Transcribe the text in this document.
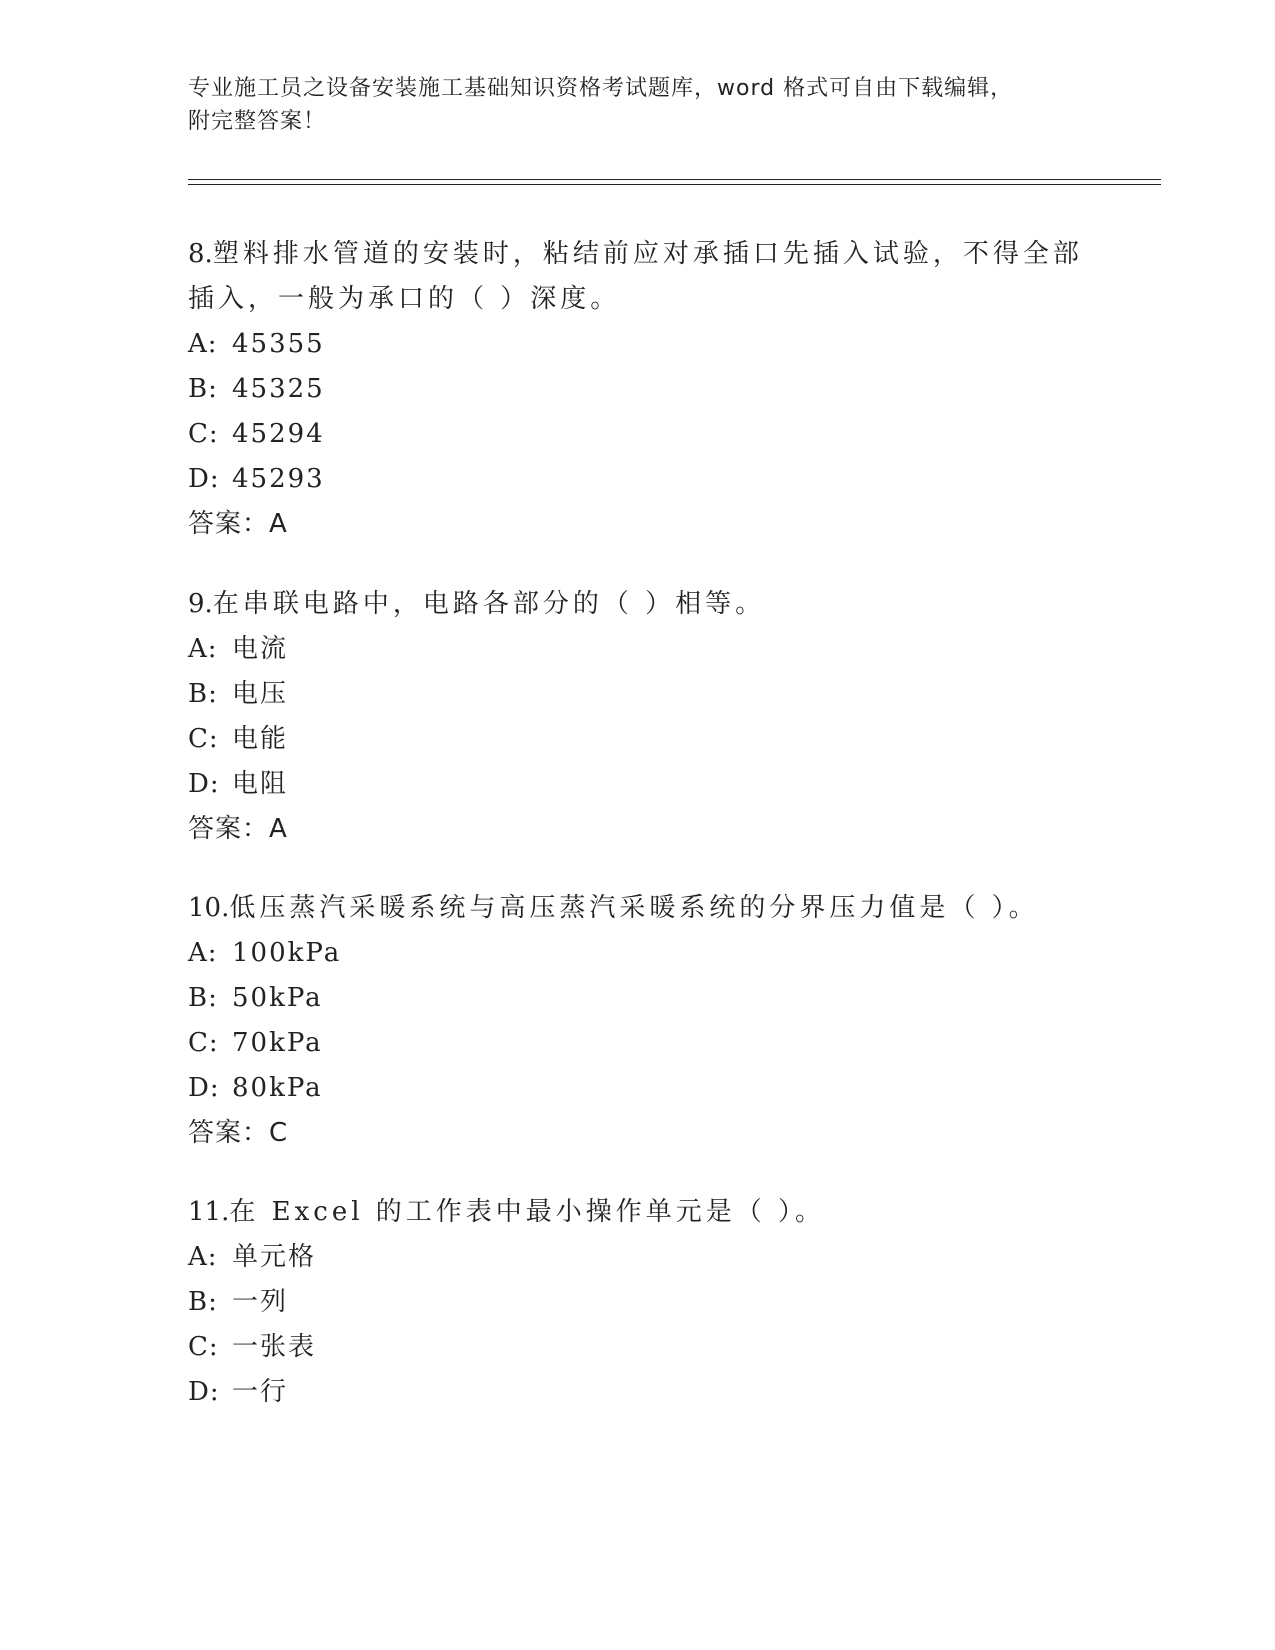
专业施工员之设备安装施工基础知识资格考试题库，word 格式可自由下载编辑，
附完整答案！
8.塑料排水管道的安装时，粘结前应对承插口先插入试验，不得全部
插入，一般为承口的（ ）深度。
A: 45355
B: 45325
C: 45294
D: 45293
答案：A
9.在串联电路中，电路各部分的（ ）相等。
A: 电流
B: 电压
C: 电能
D: 电阻
答案：A
10.低压蒸汽采暖系统与高压蒸汽采暖系统的分界压力值是（ ）。
A: 100kPa
B: 50kPa
C: 70kPa
D: 80kPa
答案：C
11.在 Excel 的工作表中最小操作单元是（ ）。
A: 单元格
B: 一列
C: 一张表
D: 一行
